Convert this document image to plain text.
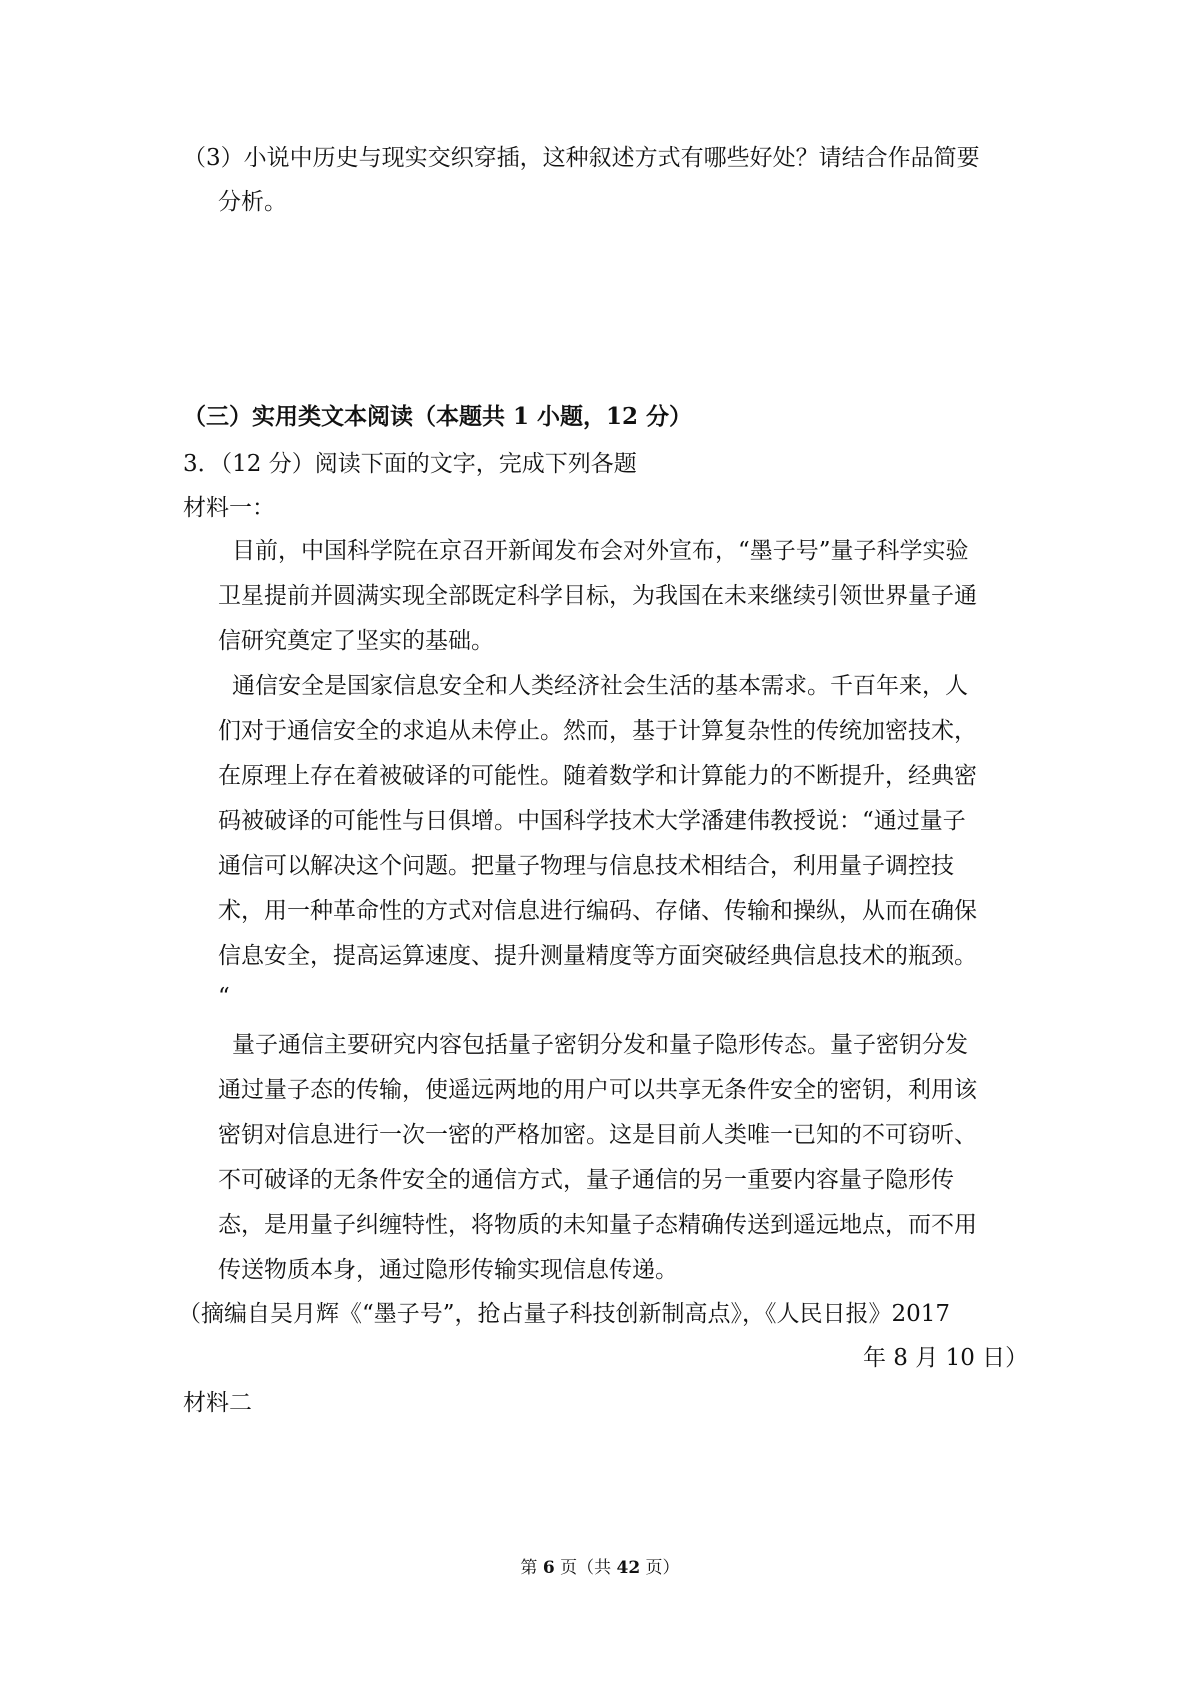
（3）小说中历史与现实交织穿插，这种叙述方式有哪些好处？请结合作品简要
分析。
（三）实用类文本阅读（本题共 1 小题，12 分）
3．（12 分）阅读下面的文字，完成下列各题
材料一：
目前，中国科学院在京召开新闻发布会对外宣布，“墨子号”量子科学实验
卫星提前并圆满实现全部既定科学目标，为我国在未来继续引领世界量子通
信研究奠定了坚实的基础。
通信安全是国家信息安全和人类经济社会生活的基本需求。千百年来，人
们对于通信安全的求追从未停止。然而，基于计算复杂性的传统加密技术，
在原理上存在着被破译的可能性。随着数学和计算能力的不断提升，经典密
码被破译的可能性与日俱增。中国科学技术大学潘建伟教授说：“通过量子
通信可以解决这个问题。把量子物理与信息技术相结合，利用量子调控技
术，用一种革命性的方式对信息进行编码、存储、传输和操纵，从而在确保
信息安全，提高运算速度、提升测量精度等方面突破经典信息技术的瓶颈。
“
量子通信主要研究内容包括量子密钥分发和量子隐形传态。量子密钥分发
通过量子态的传输，使遥远两地的用户可以共享无条件安全的密钥，利用该
密钥对信息进行一次一密的严格加密。这是目前人类唯一已知的不可窃听、
不可破译的无条件安全的通信方式，量子通信的另一重要内容量子隐形传
态，是用量子纠缠特性，将物质的未知量子态精确传送到遥远地点，而不用
传送物质本身，通过隐形传输实现信息传递。
（摘编自吴月辉《“墨子号”，抢占量子科技创新制高点》，《人民日报》2017
年 8 月 10 日）
材料二
第 6 页（共 42 页）
